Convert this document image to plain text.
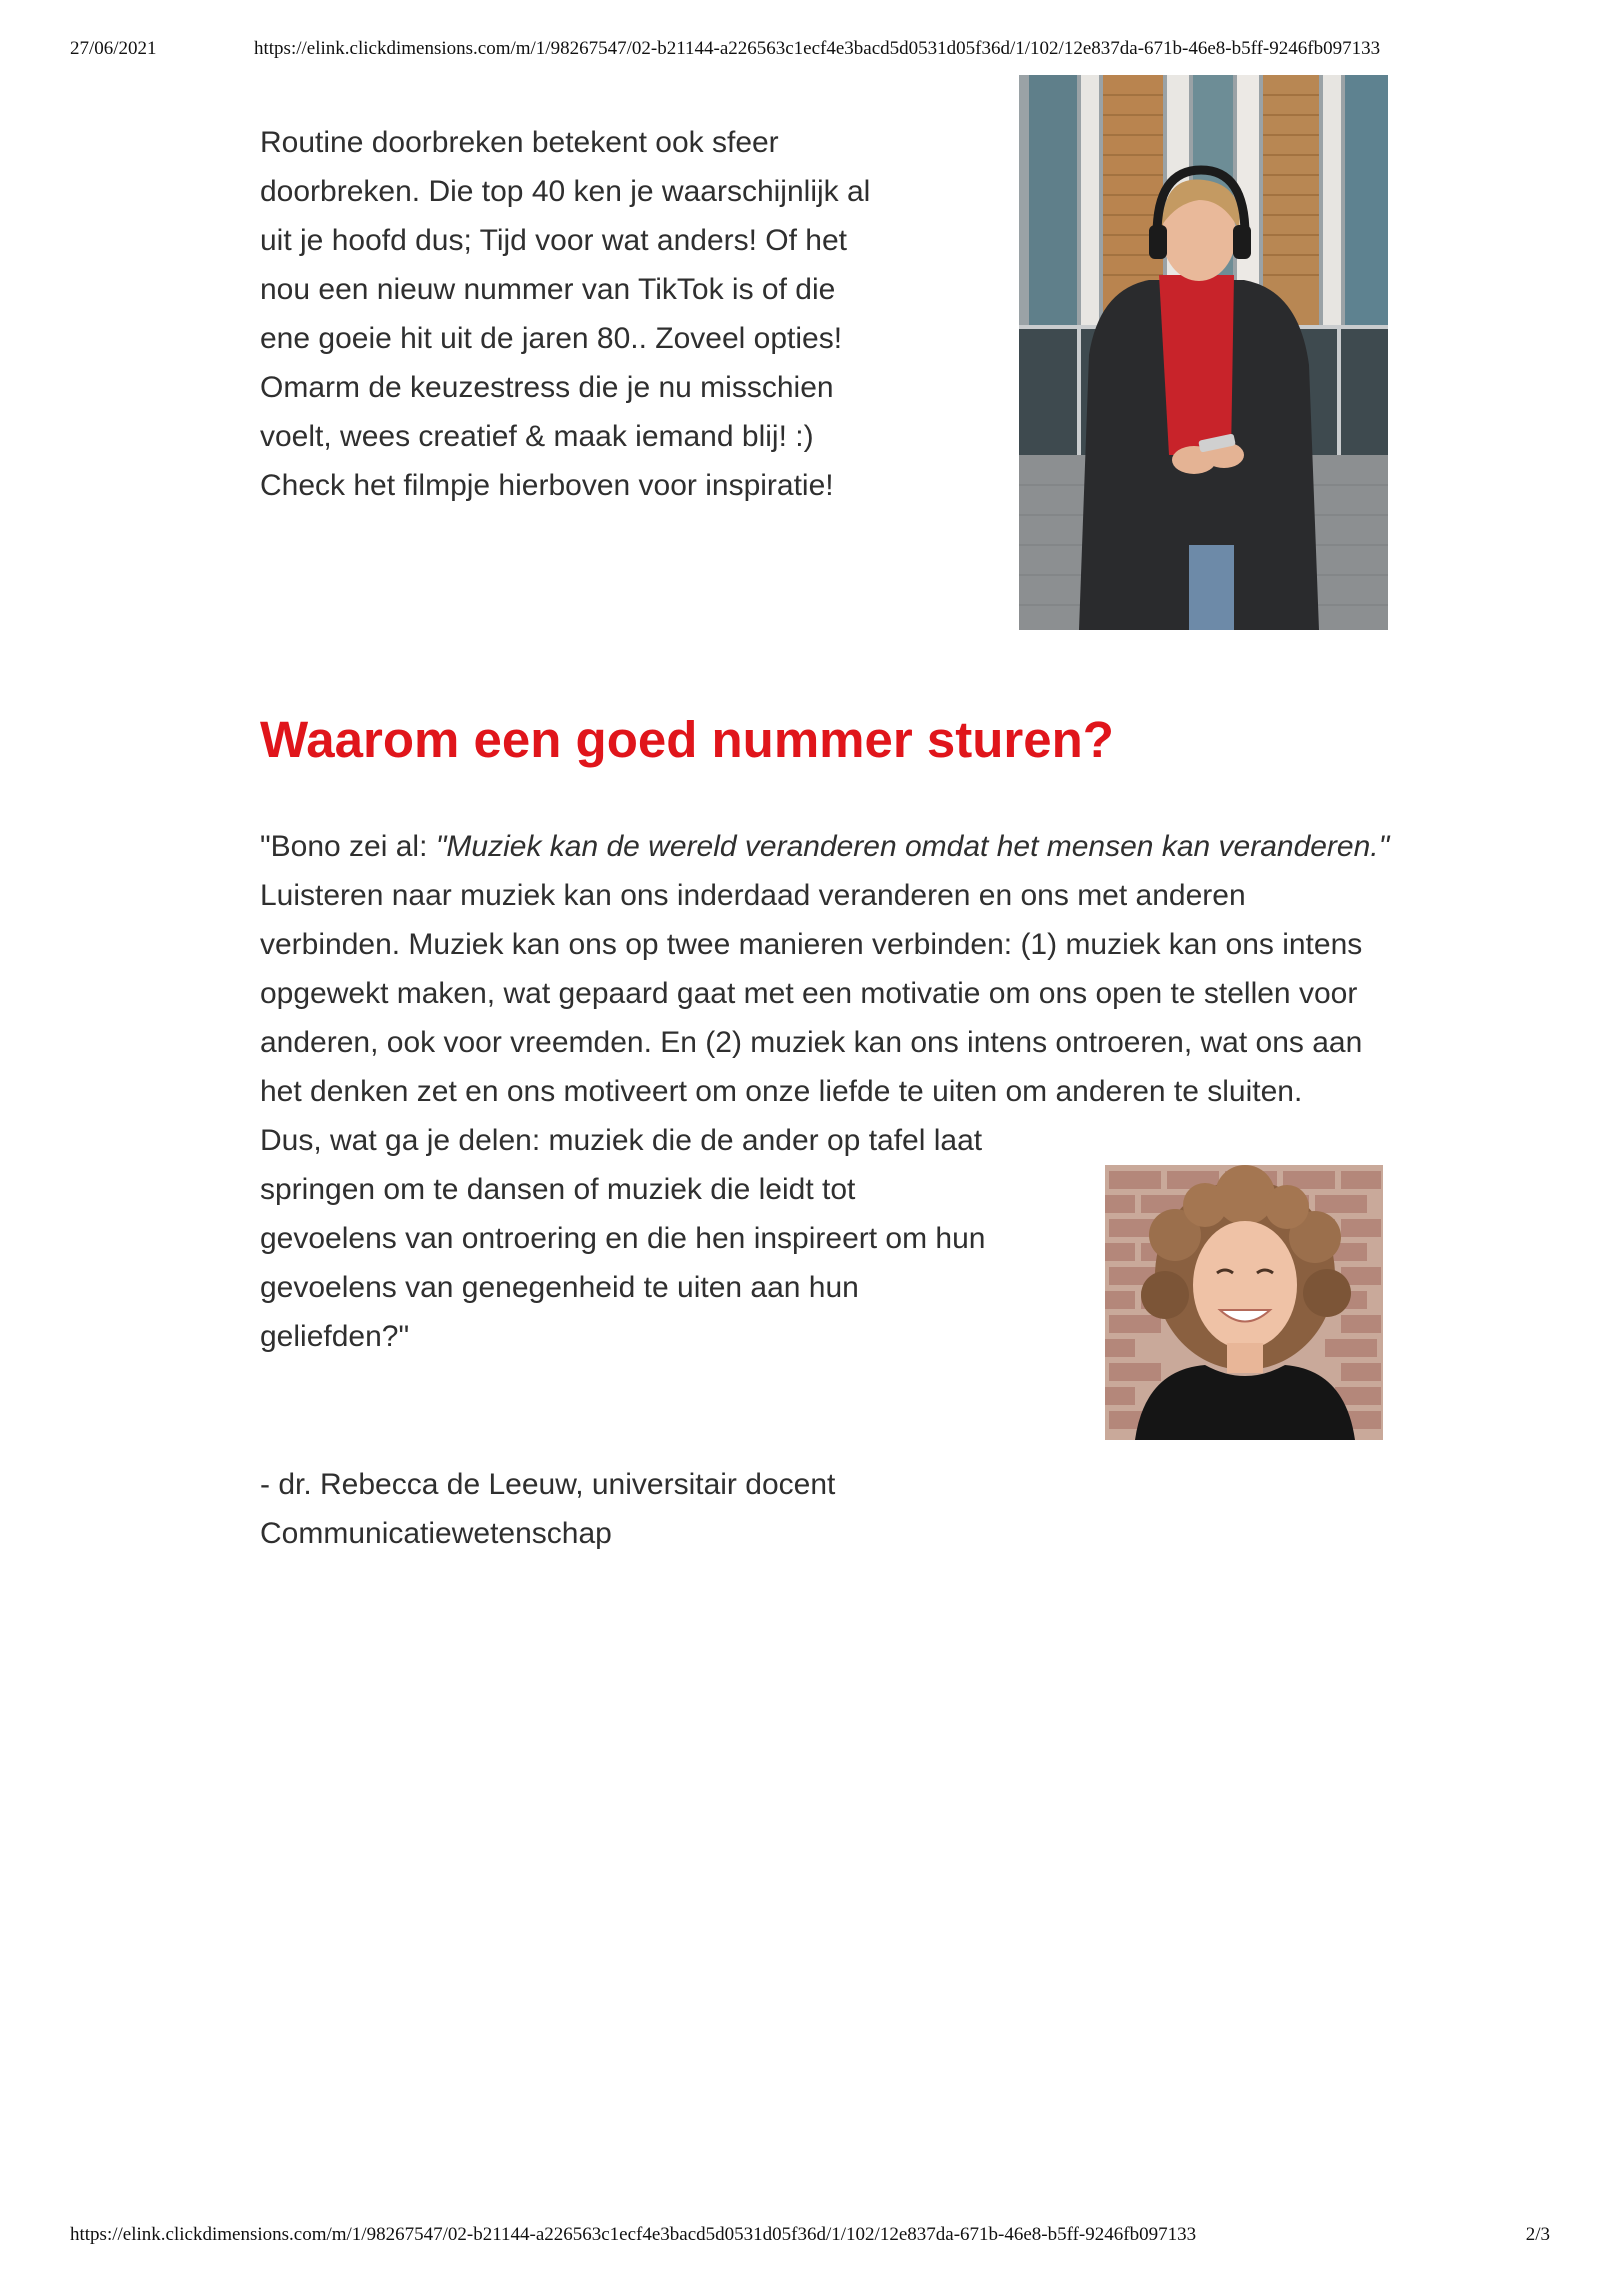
27/06/2021	https://elink.clickdimensions.com/m/1/98267547/02-b21144-a226563c1ecf4e3bacd5d0531d05f36d/1/102/12e837da-671b-46e8-b5ff-9246fb097133
Routine doorbreken betekent ook sfeer
doorbreken. Die top 40 ken je waarschijnlijk al
uit je hoofd dus; Tijd voor wat anders! Of het
nou een nieuw nummer van TikTok is of die
ene goeie hit uit de jaren 80.. Zoveel opties!
Omarm de keuzestress die je nu misschien
voelt, wees creatief & maak iemand blij! :)
Check het filmpje hierboven voor inspiratie!
Waarom een goed nummer sturen?
"Bono zei al: "Muziek kan de wereld veranderen omdat het mensen kan veranderen." Luisteren naar muziek kan ons inderdaad veranderen en ons met anderen verbinden. Muziek kan ons op twee manieren verbinden: (1) muziek kan ons intens opgewekt maken, wat gepaard gaat met een motivatie om ons open te stellen voor anderen, ook voor vreemden. En (2) muziek kan ons intens ontroeren, wat ons aan het denken zet en ons motiveert om onze liefde te uiten om anderen te sluiten.
Dus, wat ga je delen: muziek die de ander op tafel laat springen om te dansen of muziek die leidt tot gevoelens van ontroering en die hen inspireert om hun gevoelens van genegenheid te uiten aan hun geliefden?"
- dr. Rebecca de Leeuw, universitair docent
Communicatiewetenschap
https://elink.clickdimensions.com/m/1/98267547/02-b21144-a226563c1ecf4e3bacd5d0531d05f36d/1/102/12e837da-671b-46e8-b5ff-9246fb097133	2/3
